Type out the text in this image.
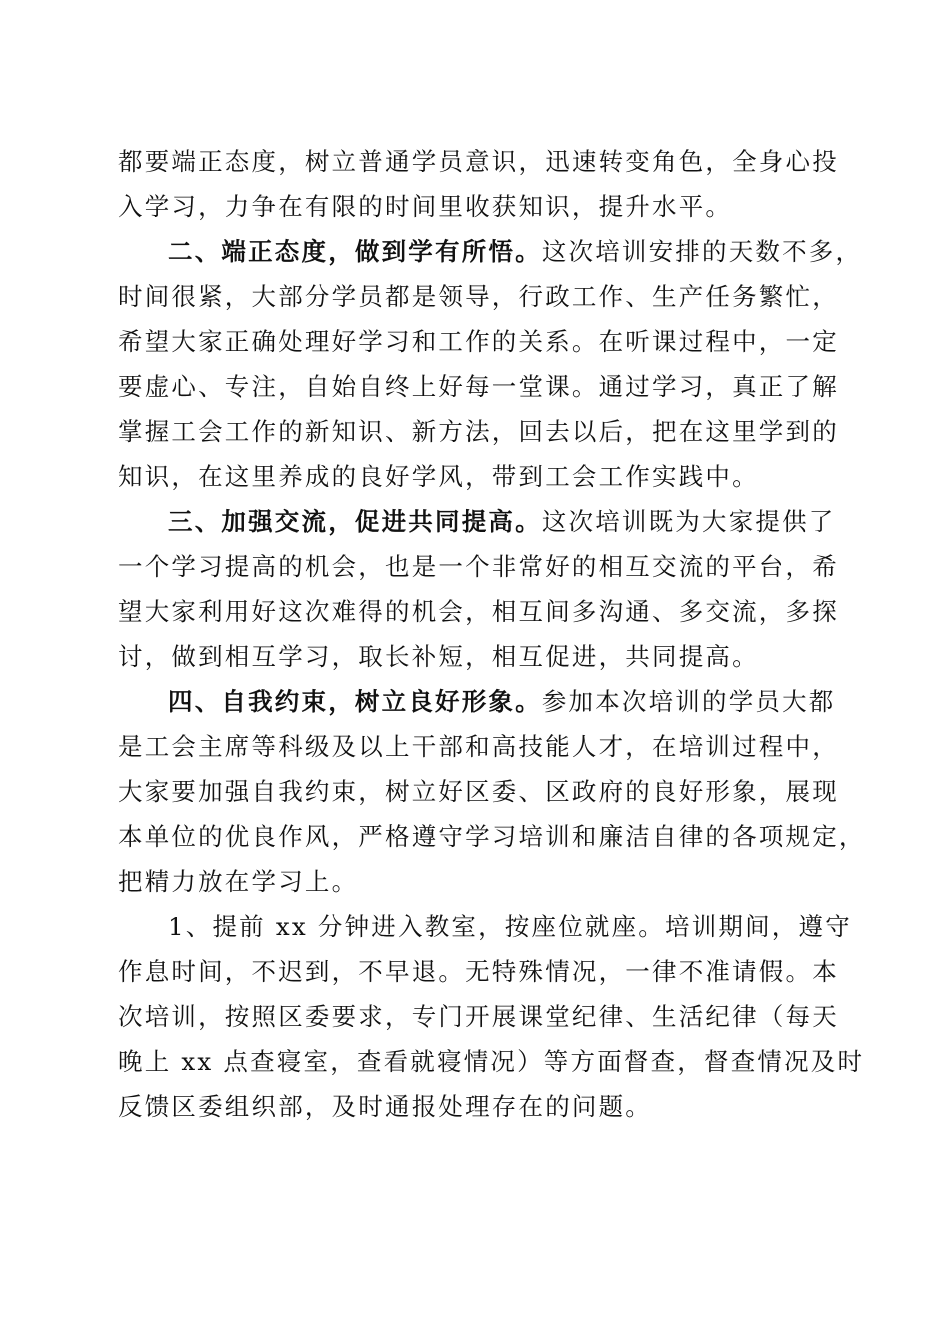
都要端正态度，树立普通学员意识，迅速转变角色，全身心投
入学习，力争在有限的时间里收获知识，提升水平。
二、端正态度，做到学有所悟。这次培训安排的天数不多，
时间很紧，大部分学员都是领导，行政工作、生产任务繁忙，
希望大家正确处理好学习和工作的关系。在听课过程中，一定
要虚心、专注，自始自终上好每一堂课。通过学习，真正了解
掌握工会工作的新知识、新方法，回去以后，把在这里学到的
知识，在这里养成的良好学风，带到工会工作实践中。
三、加强交流，促进共同提高。这次培训既为大家提供了
一个学习提高的机会，也是一个非常好的相互交流的平台，希
望大家利用好这次难得的机会，相互间多沟通、多交流，多探
讨，做到相互学习，取长补短，相互促进，共同提高。
四、自我约束，树立良好形象。参加本次培训的学员大都
是工会主席等科级及以上干部和高技能人才，在培训过程中，
大家要加强自我约束，树立好区委、区政府的良好形象，展现
本单位的优良作风，严格遵守学习培训和廉洁自律的各项规定，
把精力放在学习上。
1、提前 xx 分钟进入教室，按座位就座。培训期间，遵守
作息时间，不迟到，不早退。无特殊情况，一律不准请假。本
次培训，按照区委要求，专门开展课堂纪律、生活纪律（每天
晚上 xx 点查寝室，查看就寝情况）等方面督查，督查情况及时
反馈区委组织部，及时通报处理存在的问题。
